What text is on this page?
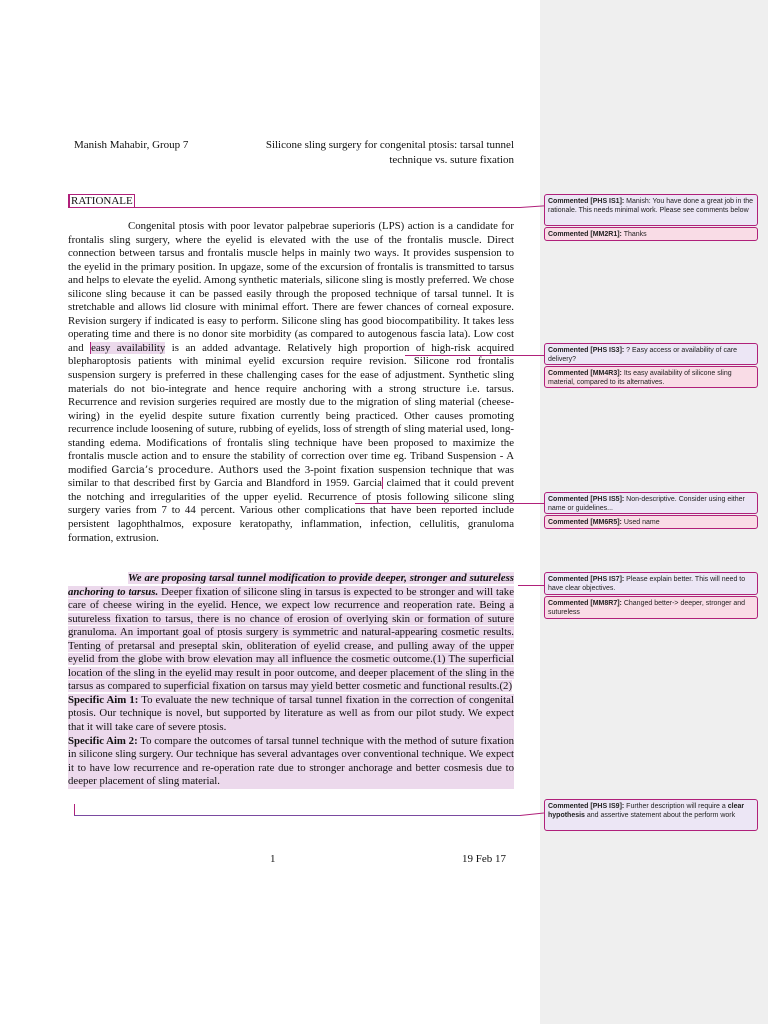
Manish Mahabir, Group 7	Silicone sling surgery for congenital ptosis: tarsal tunnel
technique vs. suture fixation
RATIONALE

Congenital ptosis with poor levator palpebrae superioris (LPS) action is a candidate for frontalis sling surgery, where the eyelid is elevated with the use of the frontalis muscle. Direct connection between tarsus and frontalis muscle helps in mainly two ways. It provides suspension to the eyelid in the primary position. In upgaze, some of the excursion of frontalis is transmitted to tarsus and helps to elevate the eyelid. Among synthetic materials, silicone sling is mostly preferred. We chose silicone sling because it can be passed easily through the proposed technique of tarsal tunnel. It is stretchable and allows lid closure with minimal effort. There are fewer chances of corneal exposure. Revision surgery if indicated is easy to perform. Silicone sling has good biocompatibility. It takes less operating time and there is no donor site morbidity (as compared to autogenous fascia lata). Low cost and easy availability is an added advantage. Relatively high proportion of high-risk acquired blepharoptosis patients with minimal eyelid excursion require revision. Silicone rod frontalis suspension surgery is preferred in these challenging cases for the ease of adjustment. Synthetic sling materials do not bio-integrate and hence require anchoring with a strong structure i.e. tarsus. Recurrence and revision surgeries required are mostly due to the migration of sling material (cheese-wiring) in the eyelid despite suture fixation currently being practiced. Other causes promoting recurrence include loosening of suture, rubbing of eyelids, loss of strength of sling material used, long-standing edema. Modifications of frontalis sling technique have been proposed to maximize the frontalis muscle action and to ensure the stability of correction over time eg. Triband Suspension - A modified Garcia’s procedure. Authors used the 3-point fixation suspension technique that was similar to that described first by Garcia and Blandford in 1959. Garcia claimed that it could prevent the notching and irregularities of the upper eyelid. Recurrence of ptosis following silicone sling surgery varies from 7 to 44 percent. Various other complications that have been reported include persistent lagophthalmos, exposure keratopathy, inflammation, infection, cellulitis, granuloma formation, extrusion.

We are proposing tarsal tunnel modification to provide deeper, stronger and sutureless anchoring to tarsus. Deeper fixation of silicone sling in tarsus is expected to be stronger and will take care of cheese wiring in the eyelid. Hence, we expect low recurrence and reoperation rate. Being a sutureless fixation to tarsus, there is no chance of erosion of overlying skin or formation of suture granuloma. An important goal of ptosis surgery is symmetric and natural-appearing cosmetic results. Tenting of pretarsal and preseptal skin, obliteration of eyelid crease, and pulling away of the upper eyelid from the globe with brow elevation may all influence the cosmetic outcome.(1) The superficial location of the sling in the eyelid may result in poor outcome, and deeper placement of the sling in the tarsus as compared to superficial fixation on tarsus may yield better cosmetic and functional results.(2)

Specific Aim 1: To evaluate the new technique of tarsal tunnel fixation in the correction of congenital ptosis. Our technique is novel, but supported by literature as well as from our pilot study. We expect that it will take care of severe ptosis.

Specific Aim 2: To compare the outcomes of tarsal tunnel technique with the method of suture fixation in silicone sling surgery. Our technique has several advantages over conventional technique. We expect it to have low recurrence and re-operation rate due to stronger anchorage and better cosmesis due to deeper placement of sling material.

1	19 Feb 17
Commented [PHS IS1]: Manish: You have done a great job in the rationale. This needs minimal work. Please see comments below
Commented [MM2R1]: Thanks
Commented [PHS IS3]: ? Easy access or availability of care delivery?
Commented [MM4R3]: Its easy availability of silicone sling material, compared to its alternatives.
Commented [PHS IS5]: Non-descriptive. Consider using either name or guidelines...
Commented [MM6R5]: Used name
Commented [PHS IS7]: Please explain better. This will need to have clear objectives.
Commented [MM8R7]: Changed better-> deeper, stronger and sutureless
Commented [PHS IS9]: Further description will require a clear hypothesis and assertive statement about the perform work
